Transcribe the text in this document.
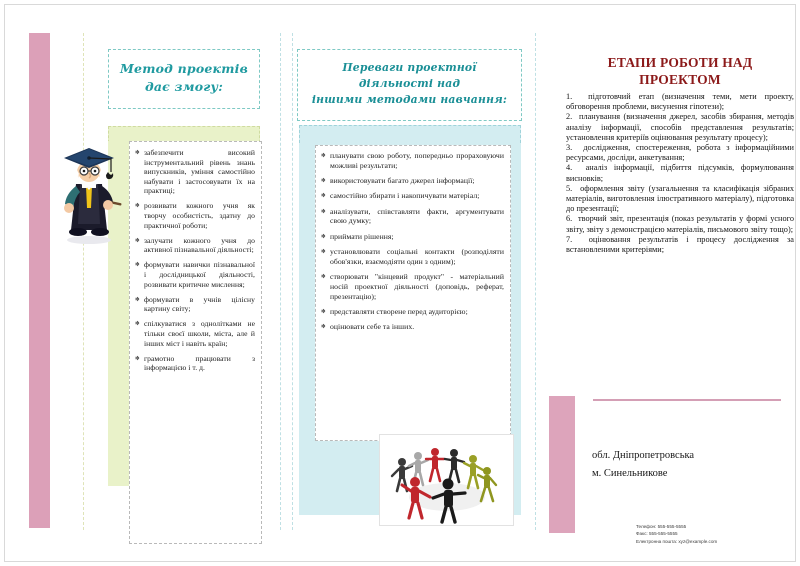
Метод проектів
дає змогу:
✻ забезпечити високий інструментальний рівень знань випускників, уміння самостійно набувати і застосовувати їх на практиці;
✻ розвивати кожного учня як творчу особистість, здатну до практичної роботи;
✻ залучати кожного учня до активної пізнавальної діяльності;
✻ формувати навички пізнавальної і дослідницької діяльності, розвивати критичне мислення;
✻ формувати в учнів цілісну картину світу;
✻ спілкуватися з однолітками не тільки своєї школи, міста, але й інших міст і навіть країн;
✻ грамотно працювати з інформацією і т. д.
Переваги проектної діяльності над
іншими методами навчання:
✻ планувати свою роботу, попередньо прораховуючи можливі результати;
✻ використовувати багато джерел інформації;
✻ самостійно збирати і накопичувати матеріал;
✻ аналізувати, співставляти факти, аргументувати свою думку;
✻ приймати рішення;
✻ установлювати соціальні контакти (розподіляти обов'язки, взаємодіяти один з одним);
✻ створювати "кінцевий продукт" - матеріальний носій проектної діяльності (доповідь, реферат, презентацію);
✻ представляти створене перед аудиторією;
✻ оцінювати себе та інших.
ЕТАПИ РОБОТИ НАД
ПРОЕКТОМ
1. підготовчий етап (визначення теми, мети проекту, обговорення проблеми, висунення гіпотези);
2. планування (визначення джерел, засобів збирання, методів аналізу інформації, способів представлення результатів; установлення критеріїв оцінювання результату процесу);
3. дослідження, спостереження, робота з інформаційними ресурсами, досліди, анкетування;
4. аналіз інформації, підбиття підсумків, формулювання висновків;
5. оформлення звіту (узагальнення та класифікація зібраних матеріалів, виготовлення ілюстративного матеріалу), підготовка до презентації;
6. творчий звіт, презентація (показ результатів у формі усного звіту, звіту з демонстрацією матеріалів, письмового звіту тощо);
7. оцінювання результатів і процесу дослідження за встановленими критеріями;
обл. Дніпропетровська
м. Синельникове
Телефон: 555-555-5555
Факс: 555-555-5555
Електронна пошта: xyz@example.com
